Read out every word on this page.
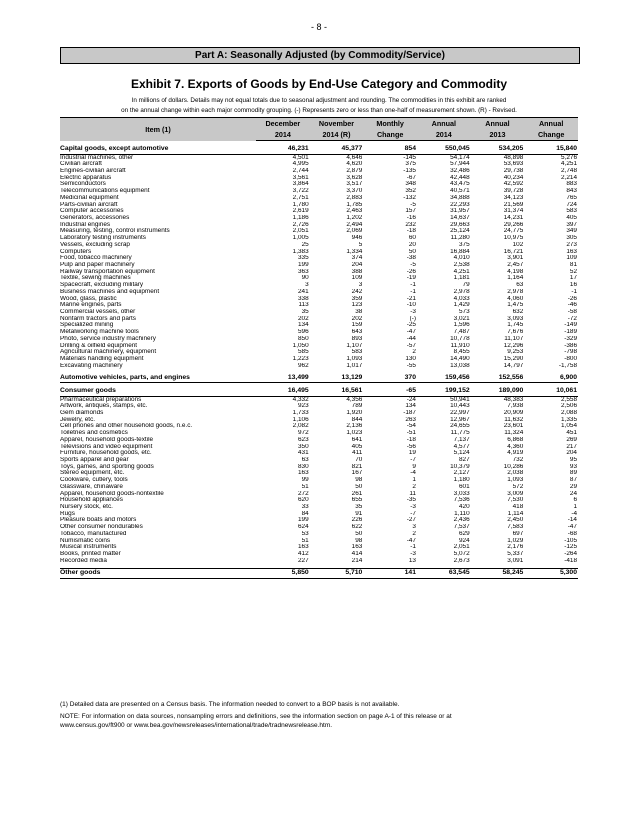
- 8 -
Part A: Seasonally Adjusted (by Commodity/Service)
Exhibit 7. Exports of Goods by End-Use Category and Commodity
In millions of dollars. Details may not equal totals due to seasonal adjustment and rounding. The commodities in this exhibit are ranked
on the annual change within each major commodity grouping. (-) Represents zero or less than one-half of measurement shown. (R) - Revised.
Item (1)	December	November	Monthly	Annual	Annual	Annual
	2014	2014 (R)	Change	2014	2013	Change

Capital goods, except automotive	46,231	45,377	854	550,045	534,205	15,840
Industrial machines, other	4,501	4,646	-145	54,174	48,898	5,276
Civilian aircraft	4,995	4,620	375	57,944	53,693	4,251
Engines-civilian aircraft	2,744	2,879	-135	32,486	29,738	2,748
Electric apparatus	3,561	3,628	-67	42,448	40,234	2,214
Semiconductors	3,864	3,517	348	43,475	42,592	883
Telecommunications equipment	3,722	3,370	352	40,571	39,728	843
Medicinal equipment	2,751	2,883	-132	34,888	34,123	765
Parts-civilian aircraft	1,780	1,785	-5	22,293	21,569	724
Computer accessories	2,619	2,463	157	31,957	31,374	583
Generators, accessories	1,186	1,202	-16	14,637	14,231	405
Industrial engines	2,726	2,494	232	29,663	29,266	397
Measuring, testing, control instruments	2,051	2,069	-18	25,124	24,775	349
Laboratory testing instruments	1,005	946	60	11,280	10,975	305
Vessels, excluding scrap	25	5	20	375	102	273
Computers	1,383	1,334	50	16,884	16,721	163
Food, tobacco machinery	335	374	-38	4,010	3,901	109
Pulp and paper machinery	199	204	-5	2,538	2,457	81
Railway transportation equipment	363	388	-26	4,251	4,198	52
Textile, sewing machines	90	109	-19	1,181	1,164	17
Spacecraft, excluding military	3	3	-1	79	63	16
Business machines and equipment	241	242	-1	2,978	2,978	-1
Wood, glass, plastic	338	359	-21	4,033	4,060	-26
Marine engines, parts	113	123	-10	1,429	1,475	-46
Commercial vessels, other	35	38	-3	573	632	-58
Nonfarm tractors and parts	202	202	(-)	3,021	3,093	-72
Specialized mining	134	159	-25	1,596	1,745	-149
Metalworking machine tools	596	643	-47	7,487	7,676	-189
Photo, service industry machinery	850	893	-44	10,778	11,107	-329
Drilling & oilfield equipment	1,050	1,107	-57	11,910	12,296	-386
Agricultural machinery, equipment	585	583	2	8,455	9,253	-798
Materials handling equipment	1,223	1,093	130	14,490	15,290	-800
Excavating machinery	962	1,017	-55	13,038	14,797	-1,758

Automotive vehicles, parts, and engines	13,499	13,129	370	159,456	152,556	6,900

Consumer goods	16,495	16,561	-65	199,152	189,090	10,061
Pharmaceutical preparations	4,332	4,356	-24	50,941	48,383	2,558
Artwork, antiques, stamps, etc.	923	789	134	10,443	7,938	2,506
Gem diamonds	1,733	1,920	-187	22,997	20,909	2,088
Jewelry, etc.	1,106	844	263	12,967	11,632	1,335
Cell phones and other household goods, n.e.c.	2,082	2,136	-54	24,655	23,601	1,054
Toiletries and cosmetics	972	1,023	-51	11,775	11,324	451
Apparel, household goods-textile	623	641	-18	7,137	6,868	269
Televisions and video equipment	350	405	-56	4,577	4,360	217
Furniture, household goods, etc.	431	411	19	5,124	4,919	204
Sports apparel and gear	63	70	-7	827	732	95
Toys, games, and sporting goods	830	821	9	10,379	10,286	93
Stereo equipment, etc.	163	167	-4	2,127	2,038	89
Cookware, cutlery, tools	99	98	1	1,180	1,093	87
Glassware, chinaware	51	50	2	601	572	29
Apparel, household goods-nontextile	272	261	11	3,033	3,009	24
Household appliances	620	655	-35	7,536	7,530	6
Nursery stock, etc.	33	35	-3	420	418	1
Rugs	84	91	-7	1,110	1,114	-4
Pleasure boats and motors	199	226	-27	2,436	2,450	-14
Other consumer nondurables	624	622	3	7,537	7,583	-47
Tobacco, manufactured	53	50	2	629	697	-68
Numismatic coins	51	98	-47	924	1,029	-105
Musical instruments	163	163	-1	2,051	2,176	-125
Books, printed matter	412	414	-3	5,072	5,337	-264
Recorded media	227	214	13	2,673	3,091	-418

Other goods	5,850	5,710	141	63,545	58,245	5,300

(1) Detailed data are presented on a Census basis. The information needed to convert to a BOP basis is not available.

NOTE: For information on data sources, nonsampling errors and definitions, see the information section on page A-1 of this release or at

www.census.gov/ft900 or www.bea.gov/newsreleases/international/trade/tradnewsrelease.htm.
